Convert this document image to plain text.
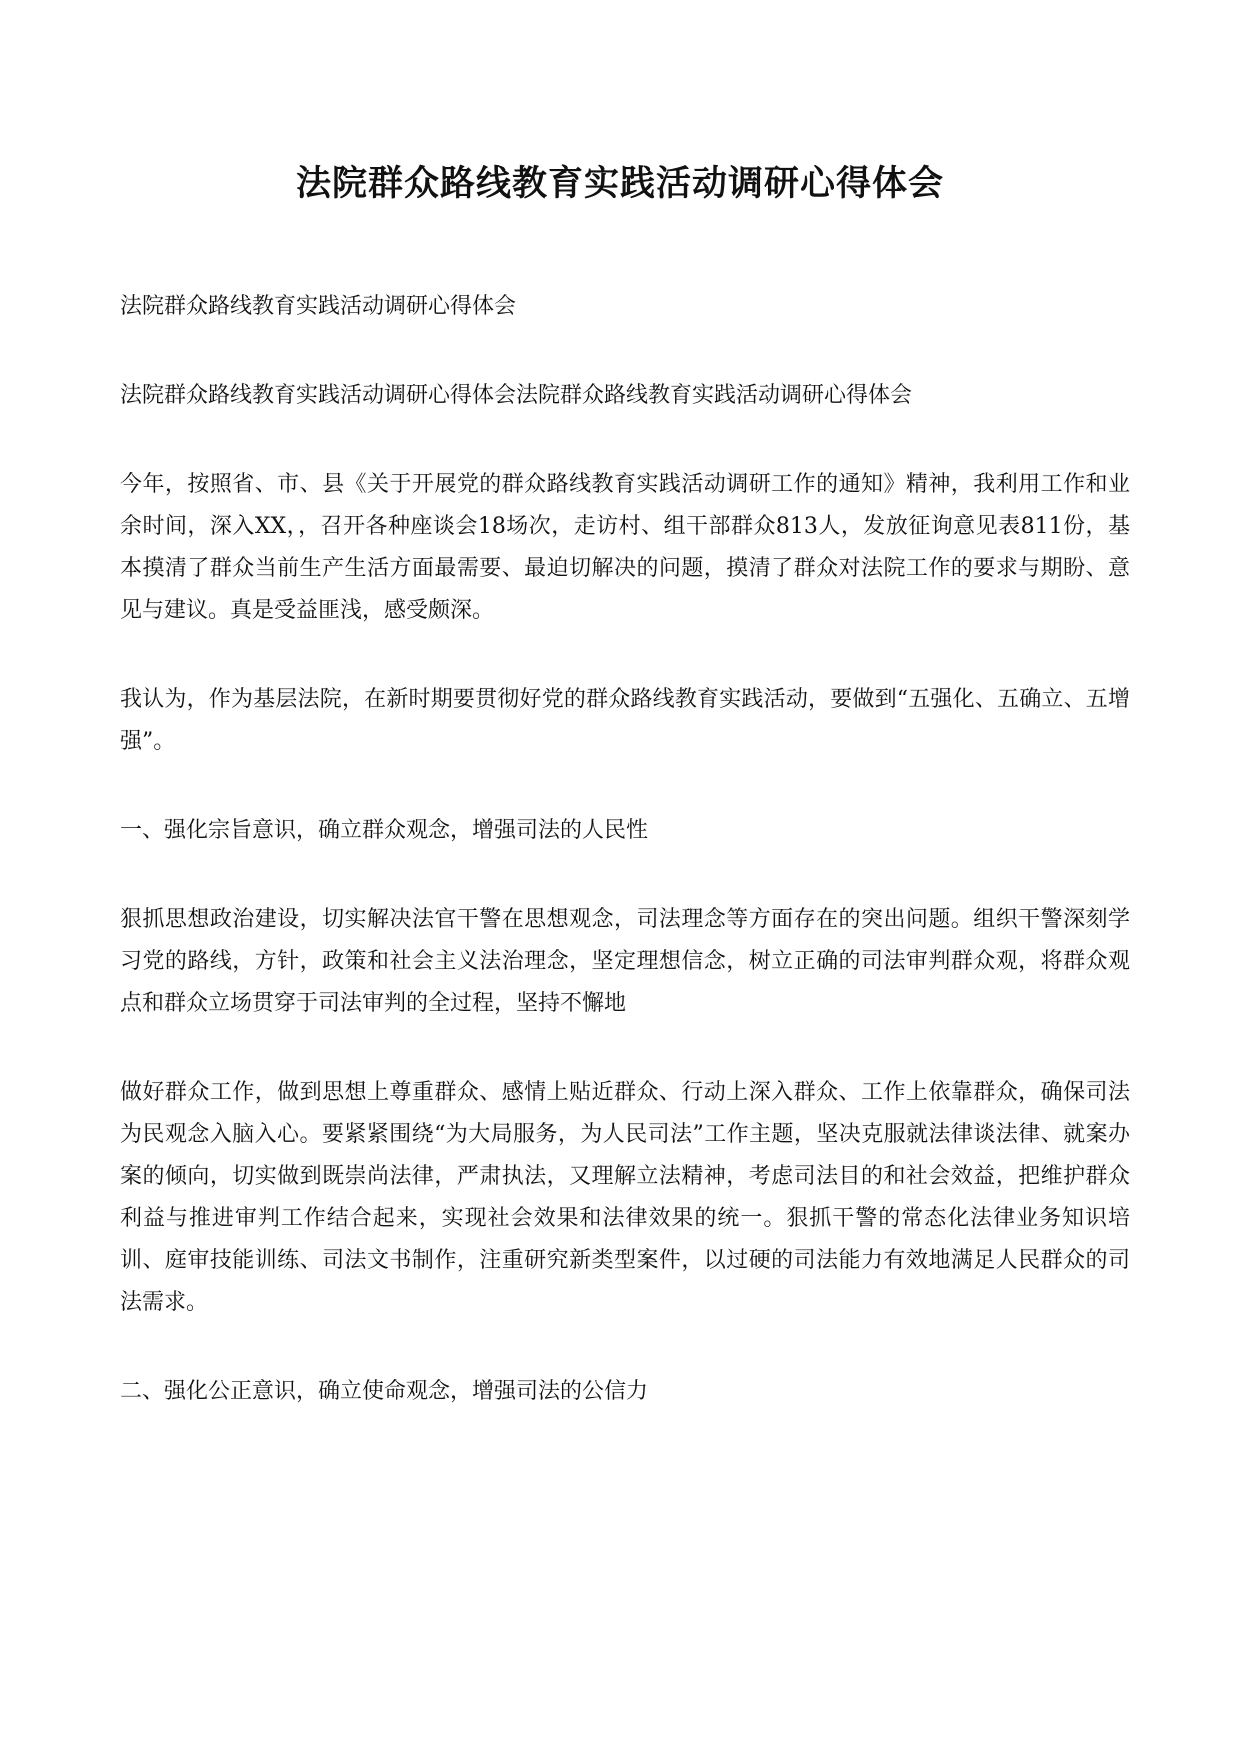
法院群众路线教育实践活动调研心得体会

法院群众路线教育实践活动调研心得体会

法院群众路线教育实践活动调研心得体会法院群众路线教育实践活动调研心得体会

今年，按照省、市、县《关于开展党的群众路线教育实践活动调研工作的通知》精神，我利用工作和业余时间，深入XX，，召开各种座谈会18场次，走访村、组干部群众813人，发放征询意见表811份，基本摸清了群众当前生产生活方面最需要、最迫切解决的问题，摸清了群众对法院工作的要求与期盼、意见与建议。真是受益匪浅，感受颇深。

我认为，作为基层法院，在新时期要贯彻好党的群众路线教育实践活动，要做到“五强化、五确立、五增强”。

一、强化宗旨意识，确立群众观念，增强司法的人民性

狠抓思想政治建设，切实解决法官干警在思想观念，司法理念等方面存在的突出问题。组织干警深刻学习党的路线，方针，政策和社会主义法治理念，坚定理想信念，树立正确的司法审判群众观，将群众观点和群众立场贯穿于司法审判的全过程，坚持不懈地

做好群众工作，做到思想上尊重群众、感情上贴近群众、行动上深入群众、工作上依靠群众，确保司法为民观念入脑入心。要紧紧围绕“为大局服务，为人民司法”工作主题，坚决克服就法律谈法律、就案办案的倾向，切实做到既崇尚法律，严肃执法，又理解立法精神，考虑司法目的和社会效益，把维护群众利益与推进审判工作结合起来，实现社会效果和法律效果的统一。狠抓干警的常态化法律业务知识培训、庭审技能训练、司法文书制作，注重研究新类型案件，以过硬的司法能力有效地满足人民群众的司法需求。

二、强化公正意识，确立使命观念，增强司法的公信力
